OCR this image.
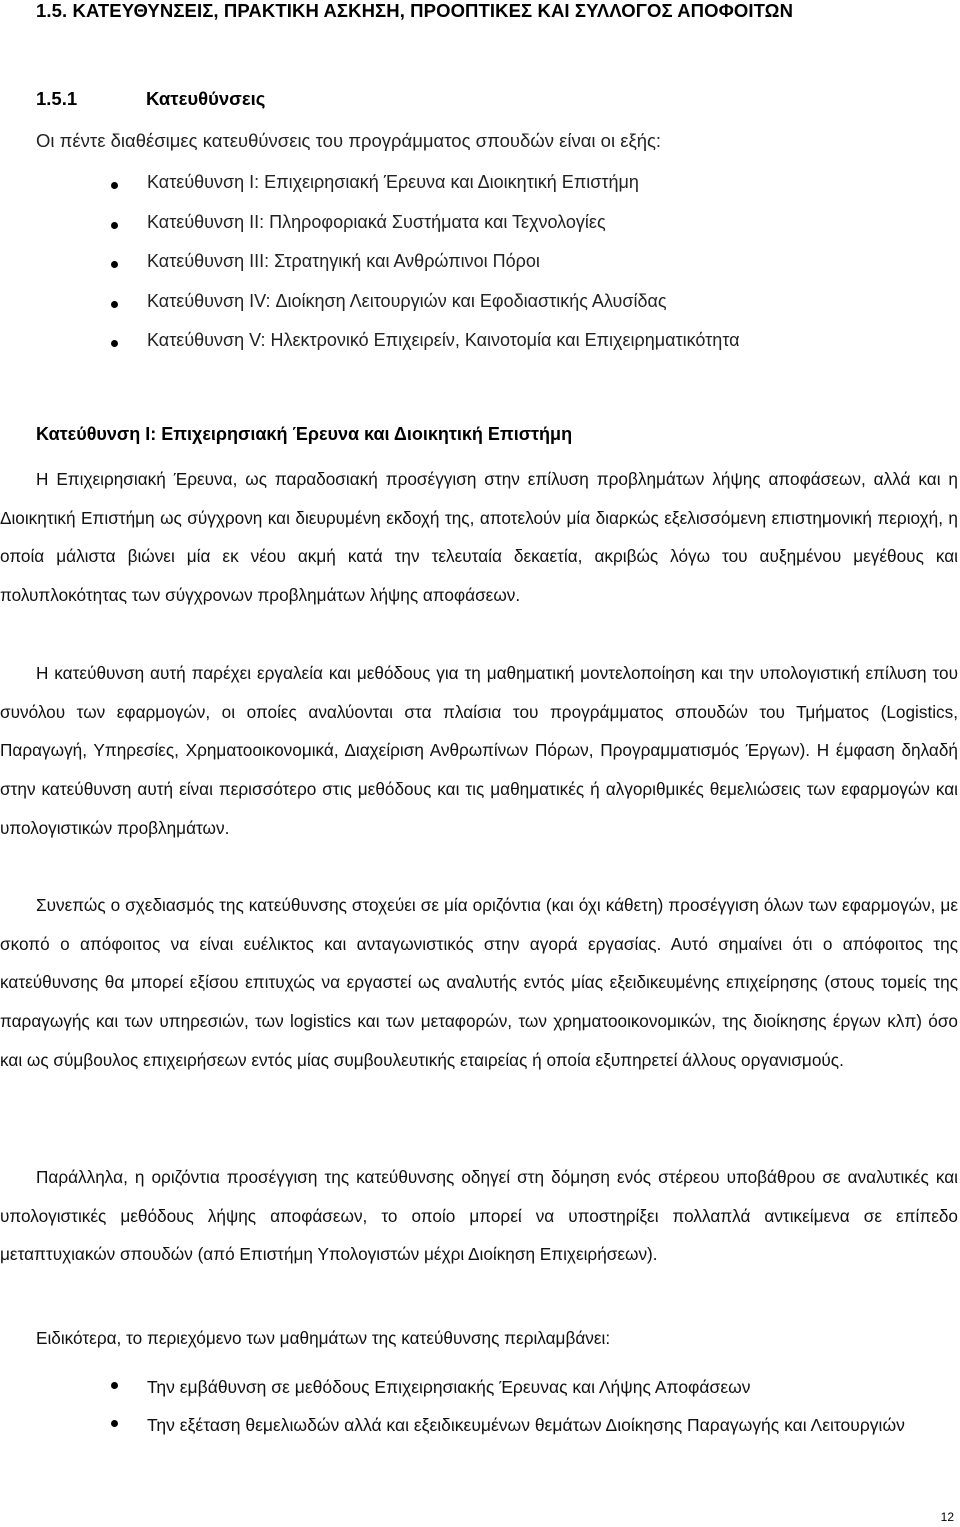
1.5. ΚΑΤΕΥΘΥΝΣΕΙΣ, ΠΡΑΚΤΙΚΗ ΑΣΚΗΣΗ, ΠΡΟΟΠΤΙΚΕΣ ΚΑΙ ΣΥΛΛΟΓΟΣ ΑΠΟΦΟΙΤΩΝ
1.5.1	Κατευθύνσεις
Οι πέντε διαθέσιμες κατευθύνσεις του προγράμματος σπουδών είναι οι εξής:
Κατεύθυνση Ι: Επιχειρησιακή Έρευνα και Διοικητική Επιστήμη
Κατεύθυνση ΙΙ: Πληροφοριακά Συστήματα και Τεχνολογίες
Κατεύθυνση ΙΙΙ: Στρατηγική και Ανθρώπινοι Πόροι
Κατεύθυνση IV: Διοίκηση Λειτουργιών και Εφοδιαστικής Αλυσίδας
Κατεύθυνση V: Ηλεκτρονικό Επιχειρείν, Καινοτομία και Επιχειρηματικότητα
Κατεύθυνση Ι: Επιχειρησιακή Έρευνα και Διοικητική Επιστήμη

Η Επιχειρησιακή Έρευνα, ως παραδοσιακή προσέγγιση στην επίλυση προβλημάτων λήψης αποφάσεων, αλλά και η Διοικητική Επιστήμη ως σύγχρονη και διευρυμένη εκδοχή της, αποτελούν μία διαρκώς εξελισσόμενη επιστημονική περιοχή, η οποία μάλιστα βιώνει μία εκ νέου ακμή κατά την τελευταία δεκαετία, ακριβώς λόγω του αυξημένου μεγέθους και πολυπλοκότητας των σύγχρονων προβλημάτων λήψης αποφάσεων.

Η κατεύθυνση αυτή παρέχει εργαλεία και μεθόδους για τη μαθηματική μοντελοποίηση και την υπολογιστική επίλυση του συνόλου των εφαρμογών, οι οποίες αναλύονται στα πλαίσια του προγράμματος σπουδών του Τμήματος (Logistics, Παραγωγή, Υπηρεσίες, Χρηματοοικονομικά, Διαχείριση Ανθρωπίνων Πόρων, Προγραμματισμός Έργων). Η έμφαση δηλαδή στην κατεύθυνση αυτή είναι περισσότερο στις μεθόδους και τις μαθηματικές ή αλγοριθμικές θεμελιώσεις των εφαρμογών και υπολογιστικών προβλημάτων.

Συνεπώς ο σχεδιασμός της κατεύθυνσης στοχεύει σε μία οριζόντια (και όχι κάθετη) προσέγγιση όλων των εφαρμογών, με σκοπό ο απόφοιτος να είναι ευέλικτος και ανταγωνιστικός στην αγορά εργασίας. Αυτό σημαίνει ότι ο απόφοιτος της κατεύθυνσης θα μπορεί εξίσου επιτυχώς να εργαστεί ως αναλυτής εντός μίας εξειδικευμένης επιχείρησης (στους τομείς της παραγωγής και των υπηρεσιών, των logistics και των μεταφορών, των χρηματοοικονομικών, της διοίκησης έργων κλπ) όσο και ως σύμβουλος επιχειρήσεων εντός μίας συμβουλευτικής εταιρείας ή οποία εξυπηρετεί άλλους οργανισμούς.

Παράλληλα, η οριζόντια προσέγγιση της κατεύθυνσης οδηγεί στη δόμηση ενός στέρεου υποβάθρου σε αναλυτικές και υπολογιστικές μεθόδους λήψης αποφάσεων, το οποίο μπορεί να υποστηρίξει πολλαπλά αντικείμενα σε επίπεδο μεταπτυχιακών σπουδών (από Επιστήμη Υπολογιστών μέχρι Διοίκηση Επιχειρήσεων).

Ειδικότερα, το περιεχόμενο των μαθημάτων της κατεύθυνσης περιλαμβάνει:
Την εμβάθυνση σε μεθόδους Επιχειρησιακής Έρευνας και Λήψης Αποφάσεων
Την εξέταση θεμελιωδών αλλά και εξειδικευμένων θεμάτων Διοίκησης Παραγωγής και Λειτουργιών
12
